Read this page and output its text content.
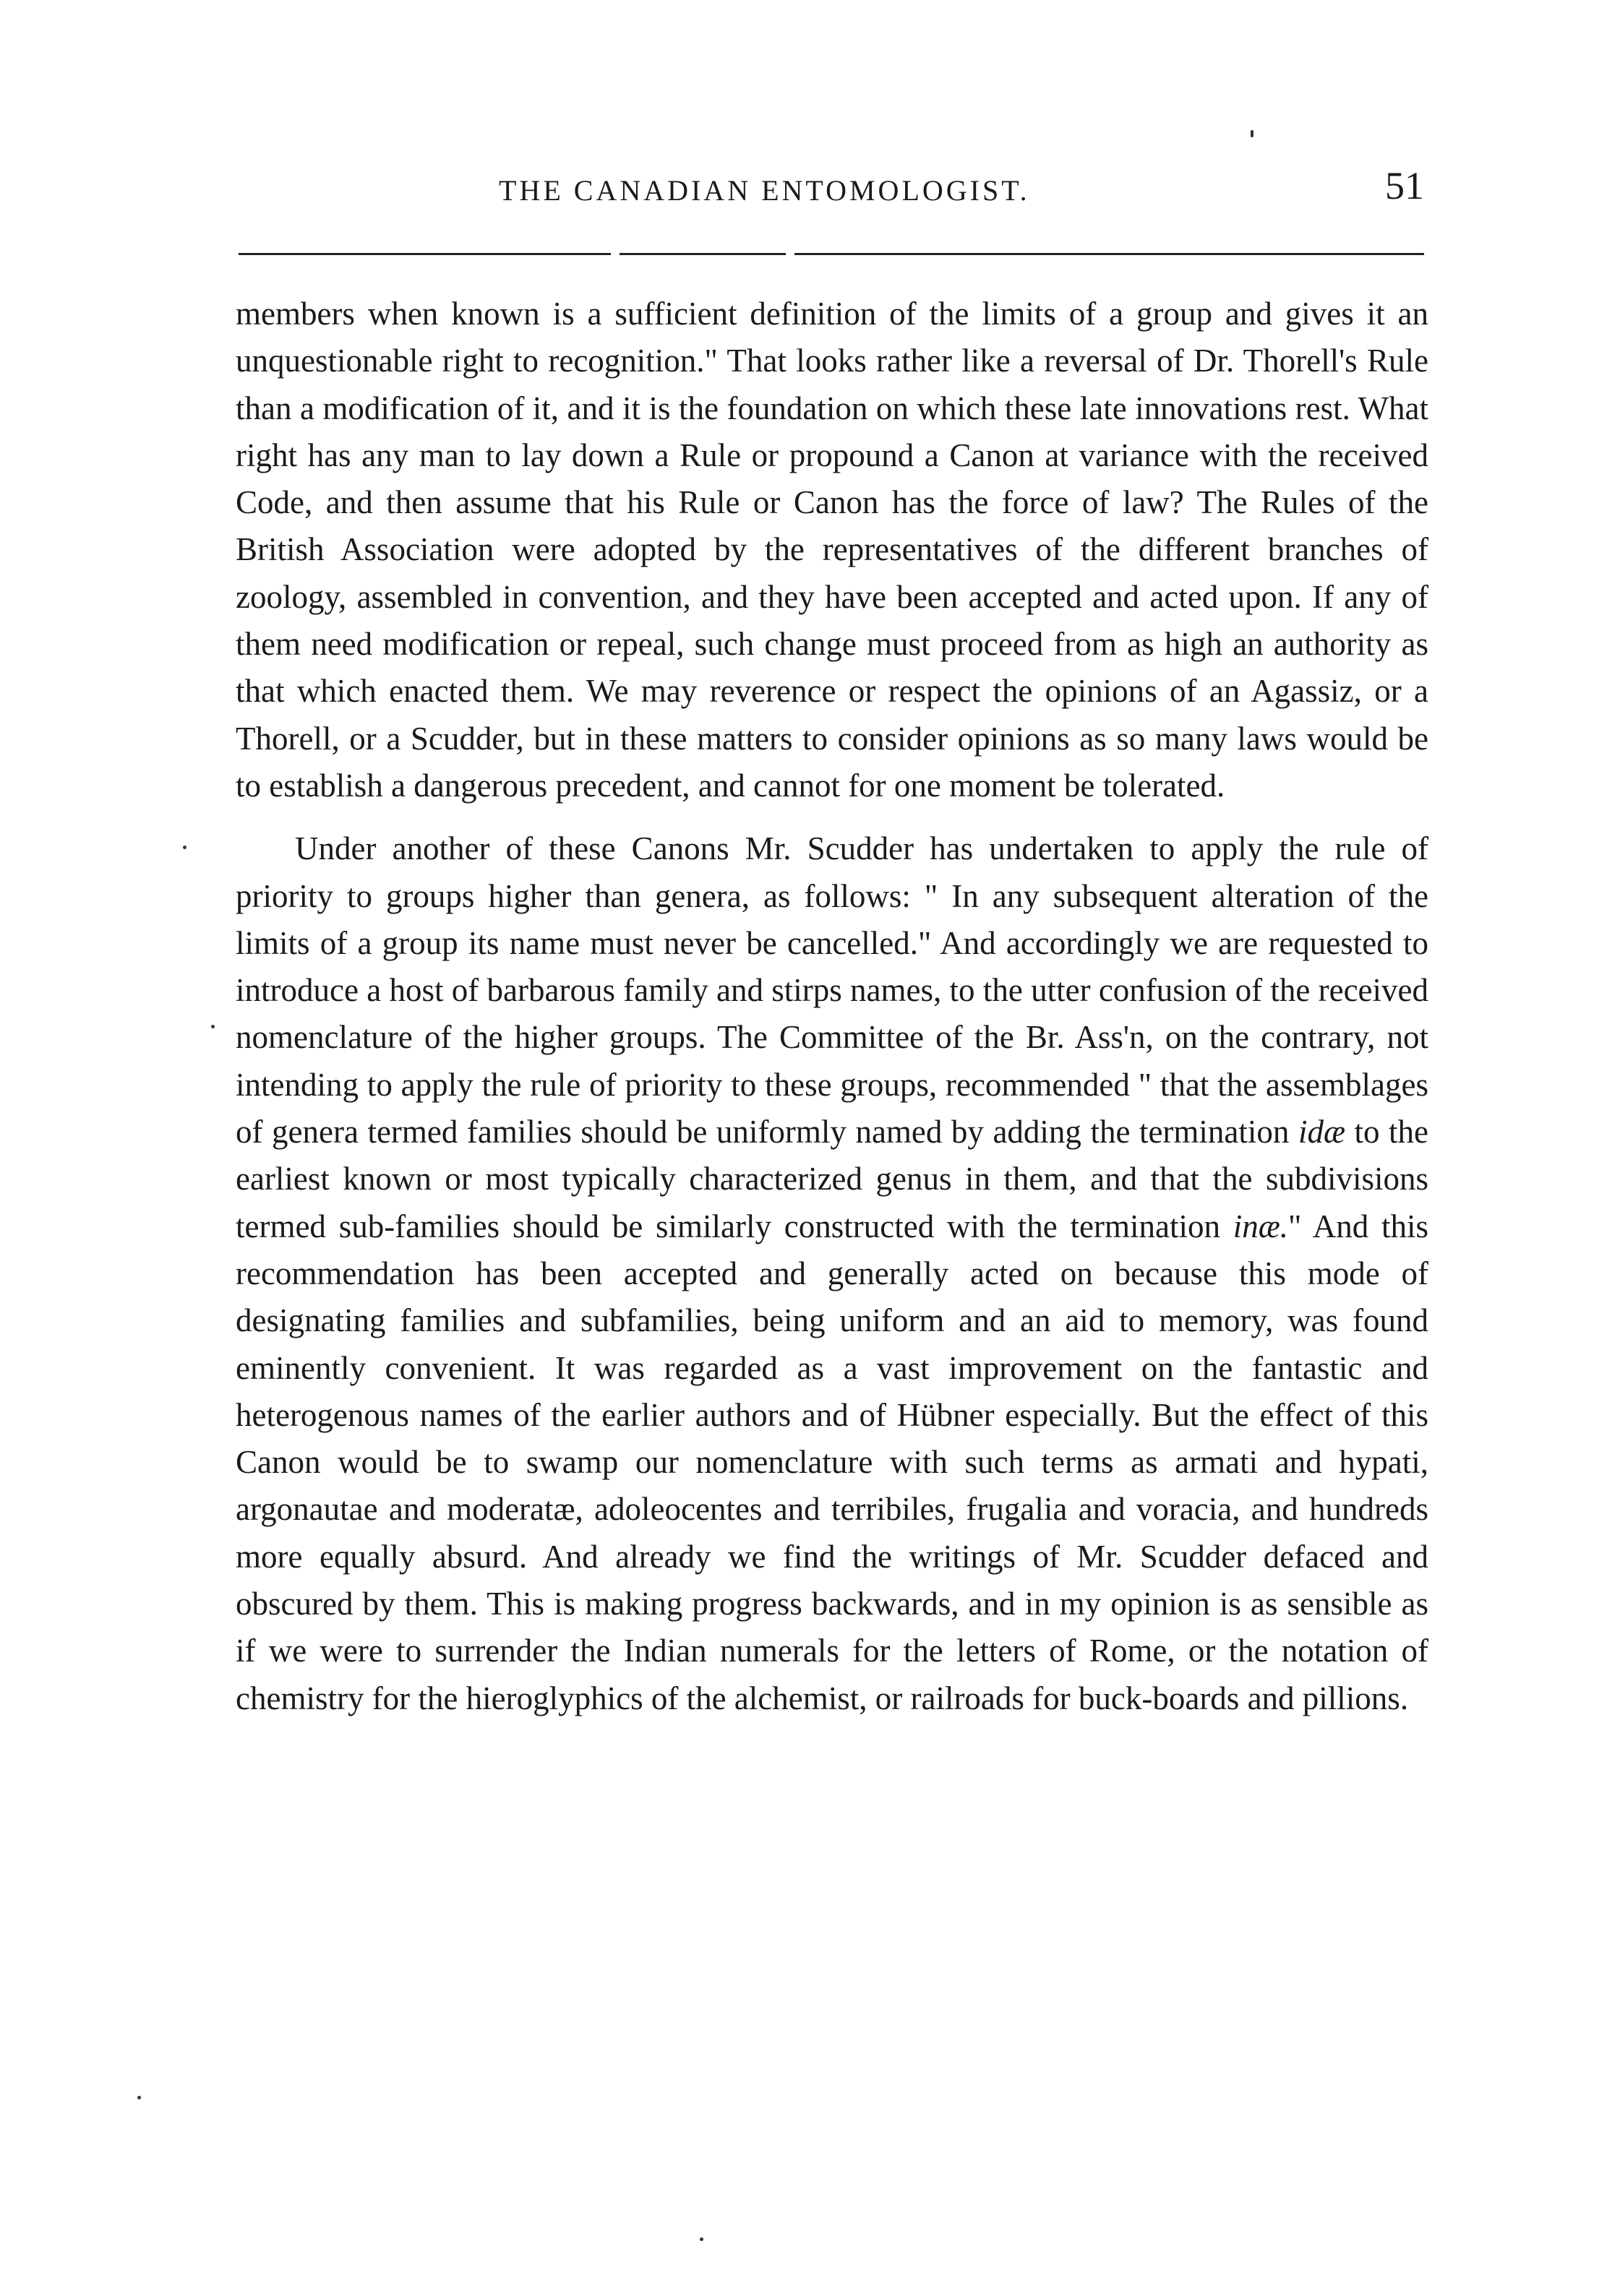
THE CANADIAN ENTOMOLOGIST.	51

members when known is a sufficient definition of the limits of a group and gives it an unquestionable right to recognition." That looks rather like a reversal of Dr. Thorell's Rule than a modification of it, and it is the foundation on which these late innovations rest. What right has any man to lay down a Rule or propound a Canon at variance with the received Code, and then assume that his Rule or Canon has the force of law? The Rules of the British Association were adopted by the representatives of the different branches of zoology, assembled in convention, and they have been accepted and acted upon. If any of them need modification or repeal, such change must proceed from as high an authority as that which enacted them. We may reverence or respect the opinions of an Agassiz, or a Thorell, or a Scudder, but in these matters to consider opinions as so many laws would be to establish a dangerous precedent, and cannot for one moment be tolerated.

Under another of these Canons Mr. Scudder has undertaken to apply the rule of priority to groups higher than genera, as follows: " In any subsequent alteration of the limits of a group its name must never be cancelled." And accordingly we are requested to introduce a host of barbarous family and stirps names, to the utter confusion of the received nomenclature of the higher groups. The Committee of the Br. Ass'n, on the contrary, not intending to apply the rule of priority to these groups, recommended " that the assemblages of genera termed families should be uniformly named by adding the termination idæ to the earliest known or most typically characterized genus in them, and that the subdivisions termed sub-families should be similarly constructed with the termination inæ." And this recommendation has been accepted and generally acted on because this mode of designating families and subfamilies, being uniform and an aid to memory, was found eminently convenient. It was regarded as a vast improvement on the fantastic and heterogenous names of the earlier authors and of Hübner especially. But the effect of this Canon would be to swamp our nomenclature with such terms as armati and hypati, argonautae and moderatæ, adoleocentes and terribiles, frugalia and voracia, and hundreds more equally absurd. And already we find the writings of Mr. Scudder defaced and obscured by them. This is making progress backwards, and in my opinion is as sensible as if we were to surrender the Indian numerals for the letters of Rome, or the notation of chemistry for the hieroglyphics of the alchemist, or railroads for buck-boards and pillions.
